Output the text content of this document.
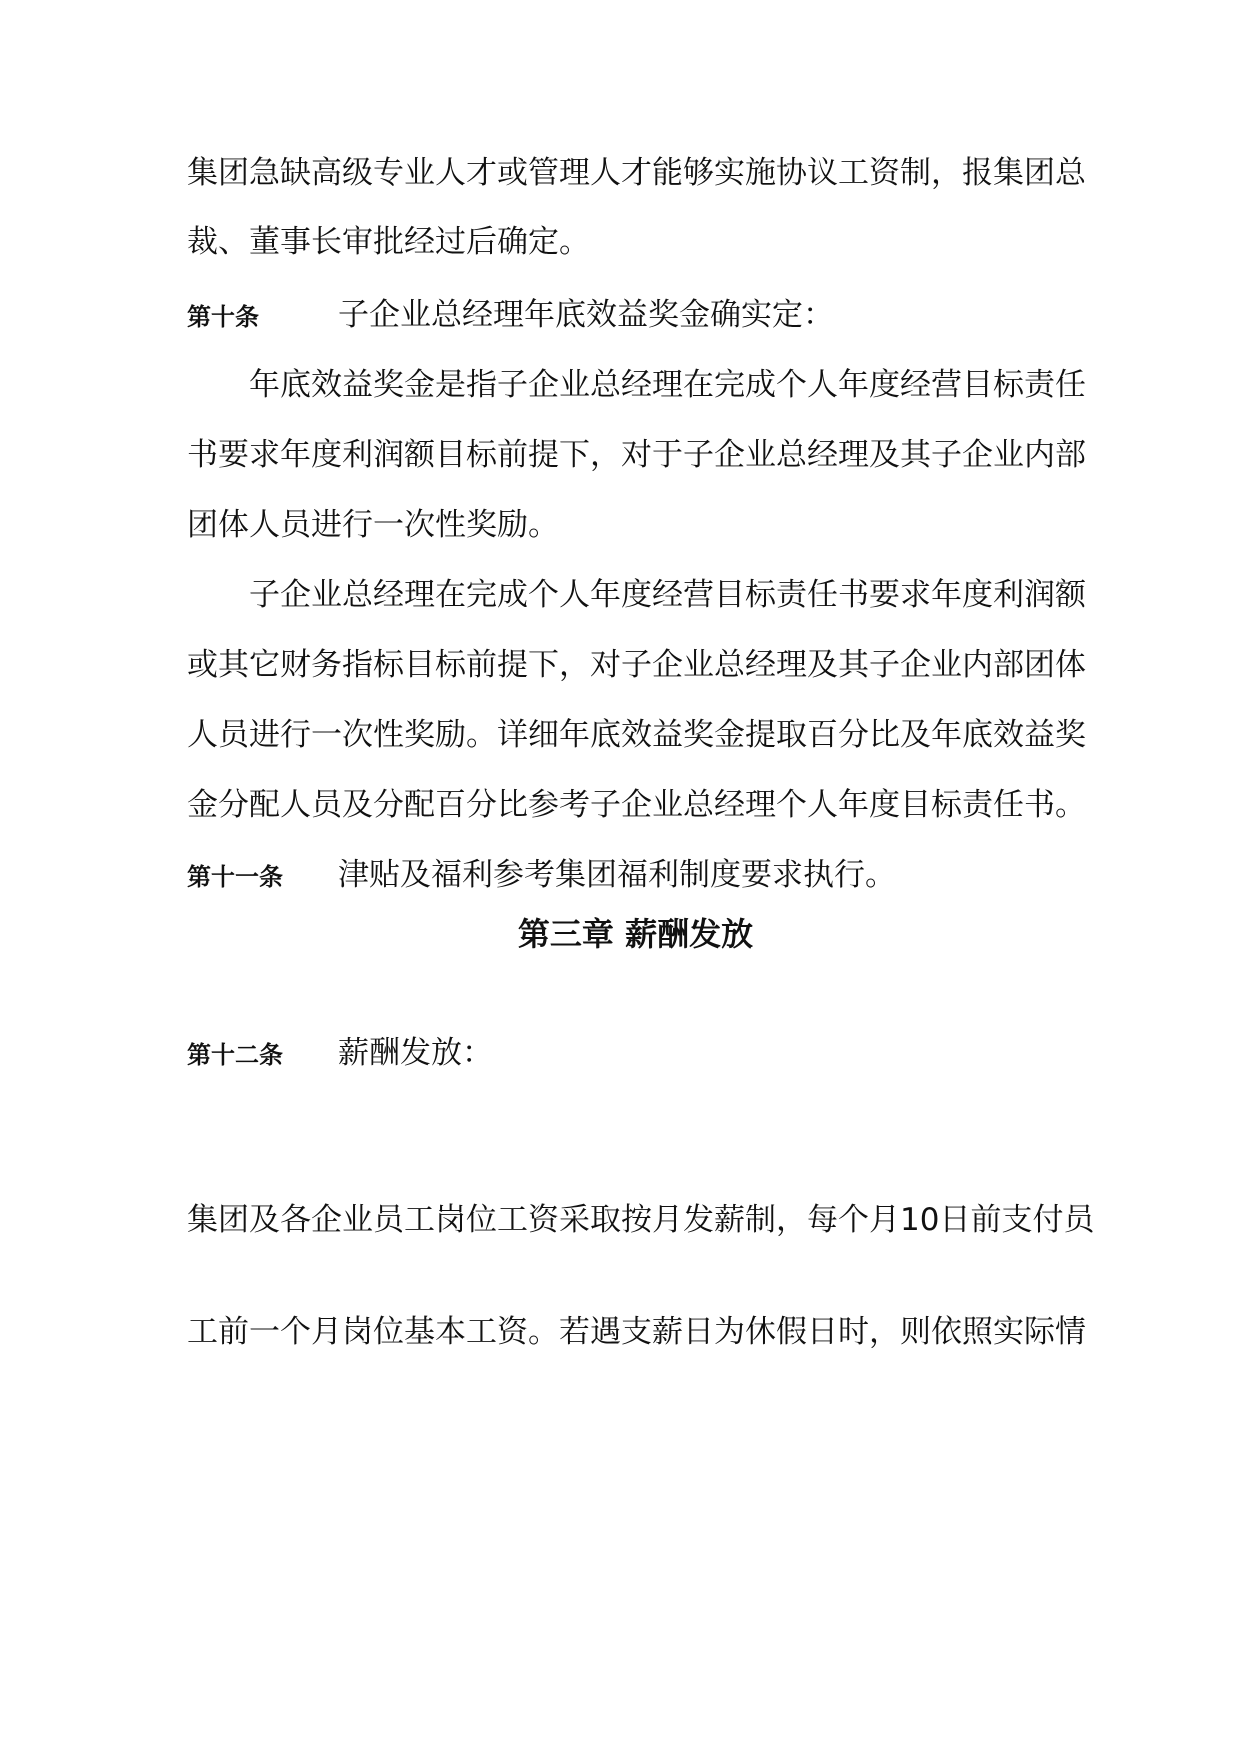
集团急缺高级专业人才或管理人才能够实施协议工资制，报集团总
裁、董事长审批经过后确定。
第十条	子企业总经理年底效益奖金确实定：
年底效益奖金是指子企业总经理在完成个人年度经营目标责任
书要求年度利润额目标前提下，对于子企业总经理及其子企业内部
团体人员进行一次性奖励。
子企业总经理在完成个人年度经营目标责任书要求年度利润额
或其它财务指标目标前提下，对子企业总经理及其子企业内部团体
人员进行一次性奖励。详细年底效益奖金提取百分比及年底效益奖
金分配人员及分配百分比参考子企业总经理个人年度目标责任书。
第十一条 津贴及福利参考集团福利制度要求执行。
第三章 薪酬发放
第十二条 薪酬发放：
集团及各企业员工岗位工资采取按月发薪制，每个月10日前支付员
工前一个月岗位基本工资。若遇支薪日为休假日时，则依照实际情
